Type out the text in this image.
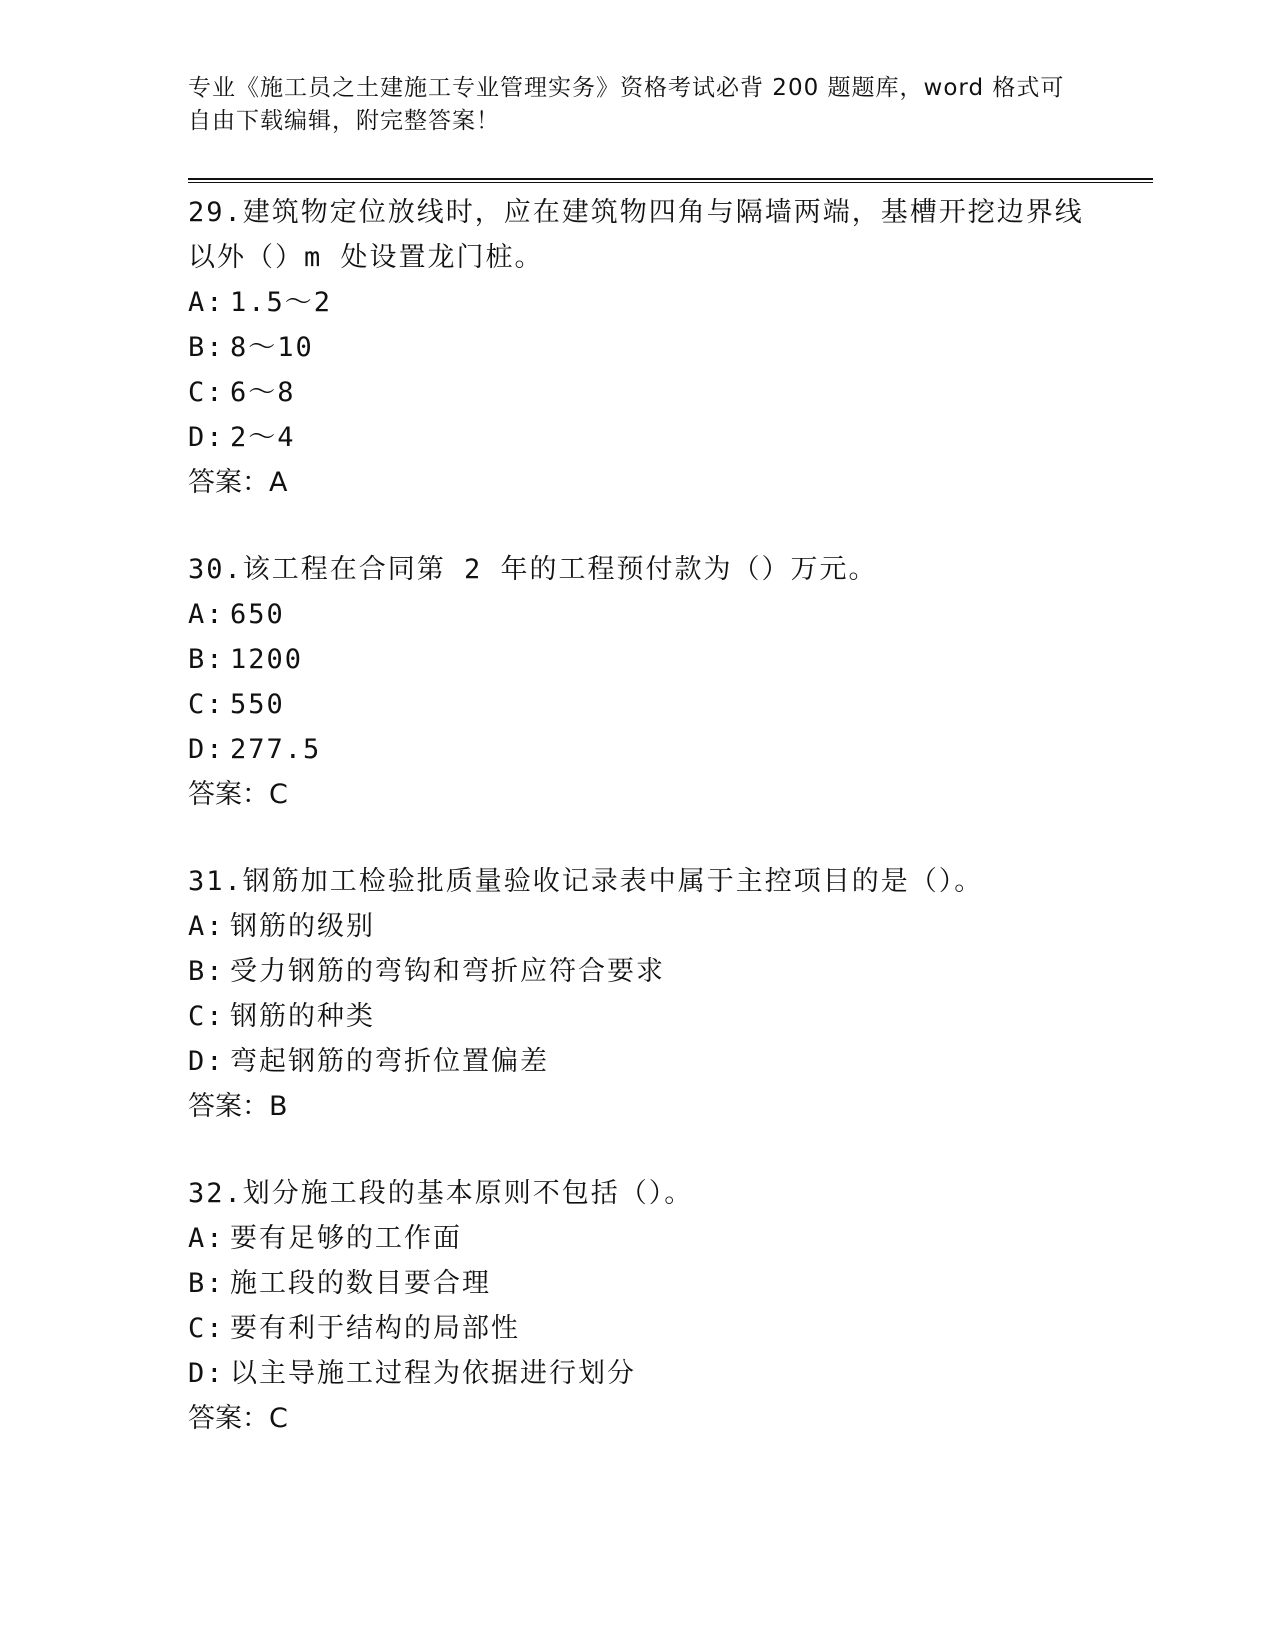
专业《施工员之土建施工专业管理实务》资格考试必背 200 题题库，word 格式可
自由下载编辑，附完整答案！
29.建筑物定位放线时，应在建筑物四角与隔墙两端，基槽开挖边界线
以外（）m 处设置龙门桩。
A: 1.5～2
B: 8～10
C: 6～8
D: 2～4
答案：A
30.该工程在合同第 2 年的工程预付款为（）万元。
A: 650
B: 1200
C: 550
D: 277.5
答案：C
31.钢筋加工检验批质量验收记录表中属于主控项目的是（）。
A: 钢筋的级别
B: 受力钢筋的弯钩和弯折应符合要求
C: 钢筋的种类
D: 弯起钢筋的弯折位置偏差
答案：B
32.划分施工段的基本原则不包括（）。
A: 要有足够的工作面
B: 施工段的数目要合理
C: 要有利于结构的局部性
D: 以主导施工过程为依据进行划分
答案：C
